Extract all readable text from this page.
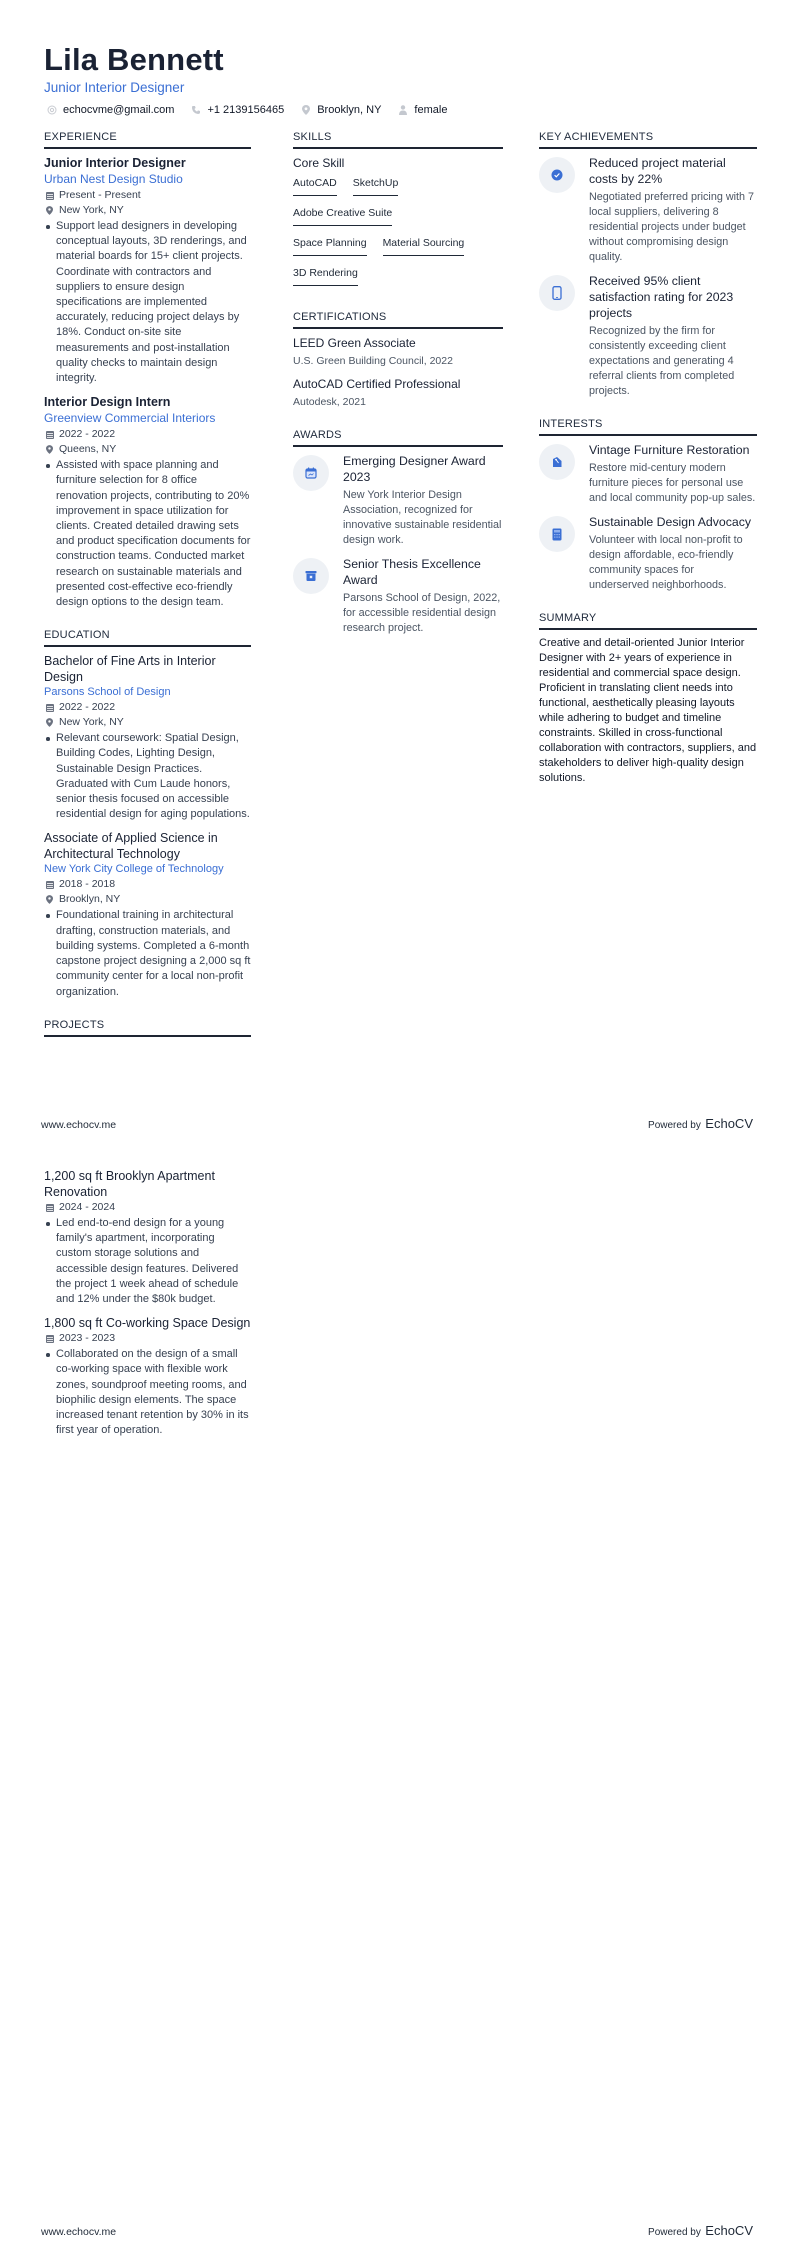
Lila Bennett
Junior Interior Designer
echocvme@gmail.com	+1 2139156465	Brooklyn, NY	female
EXPERIENCE
Junior Interior Designer
Urban Nest Design Studio
Present - Present
New York, NY
Support lead designers in developing conceptual layouts, 3D renderings, and material boards for 15+ client projects. Coordinate with contractors and suppliers to ensure design specifications are implemented accurately, reducing project delays by 18%. Conduct on-site site measurements and post-installation quality checks to maintain design integrity.
Interior Design Intern
Greenview Commercial Interiors
2022 - 2022
Queens, NY
Assisted with space planning and furniture selection for 8 office renovation projects, contributing to 20% improvement in space utilization for clients. Created detailed drawing sets and product specification documents for construction teams. Conducted market research on sustainable materials and presented cost-effective eco-friendly design options to the design team.
EDUCATION
Bachelor of Fine Arts in Interior Design
Parsons School of Design
2022 - 2022
New York, NY
Relevant coursework: Spatial Design, Building Codes, Lighting Design, Sustainable Design Practices. Graduated with Cum Laude honors, senior thesis focused on accessible residential design for aging populations.
Associate of Applied Science in Architectural Technology
New York City College of Technology
2018 - 2018
Brooklyn, NY
Foundational training in architectural drafting, construction materials, and building systems. Completed a 6-month capstone project designing a 2,000 sq ft community center for a local non-profit organization.
PROJECTS
SKILLS
Core Skill
AutoCAD SketchUp
Adobe Creative Suite
Space Planning Material Sourcing
3D Rendering
CERTIFICATIONS
LEED Green Associate
U.S. Green Building Council, 2022
AutoCAD Certified Professional
Autodesk, 2021
AWARDS
Emerging Designer Award 2023
New York Interior Design Association, recognized for innovative sustainable residential design work.
Senior Thesis Excellence Award
Parsons School of Design, 2022, for accessible residential design research project.
KEY ACHIEVEMENTS
Reduced project material costs by 22%
Negotiated preferred pricing with 7 local suppliers, delivering 8 residential projects under budget without compromising design quality.
Received 95% client satisfaction rating for 2023 projects
Recognized by the firm for consistently exceeding client expectations and generating 4 referral clients from completed projects.
INTERESTS
Vintage Furniture Restoration
Restore mid-century modern furniture pieces for personal use and local community pop-up sales.
Sustainable Design Advocacy
Volunteer with local non-profit to design affordable, eco-friendly community spaces for underserved neighborhoods.
SUMMARY
Creative and detail-oriented Junior Interior Designer with 2+ years of experience in residential and commercial space design. Proficient in translating client needs into functional, aesthetically pleasing layouts while adhering to budget and timeline constraints. Skilled in cross-functional collaboration with contractors, suppliers, and stakeholders to deliver high-quality design solutions.
www.echocv.me	Powered by EchoCV
1,200 sq ft Brooklyn Apartment Renovation
2024 - 2024
Led end-to-end design for a young family's apartment, incorporating custom storage solutions and accessible design features. Delivered the project 1 week ahead of schedule and 12% under the $80k budget.
1,800 sq ft Co-working Space Design
2023 - 2023
Collaborated on the design of a small co-working space with flexible work zones, soundproof meeting rooms, and biophilic design elements. The space increased tenant retention by 30% in its first year of operation.
www.echocv.me	Powered by EchoCV
